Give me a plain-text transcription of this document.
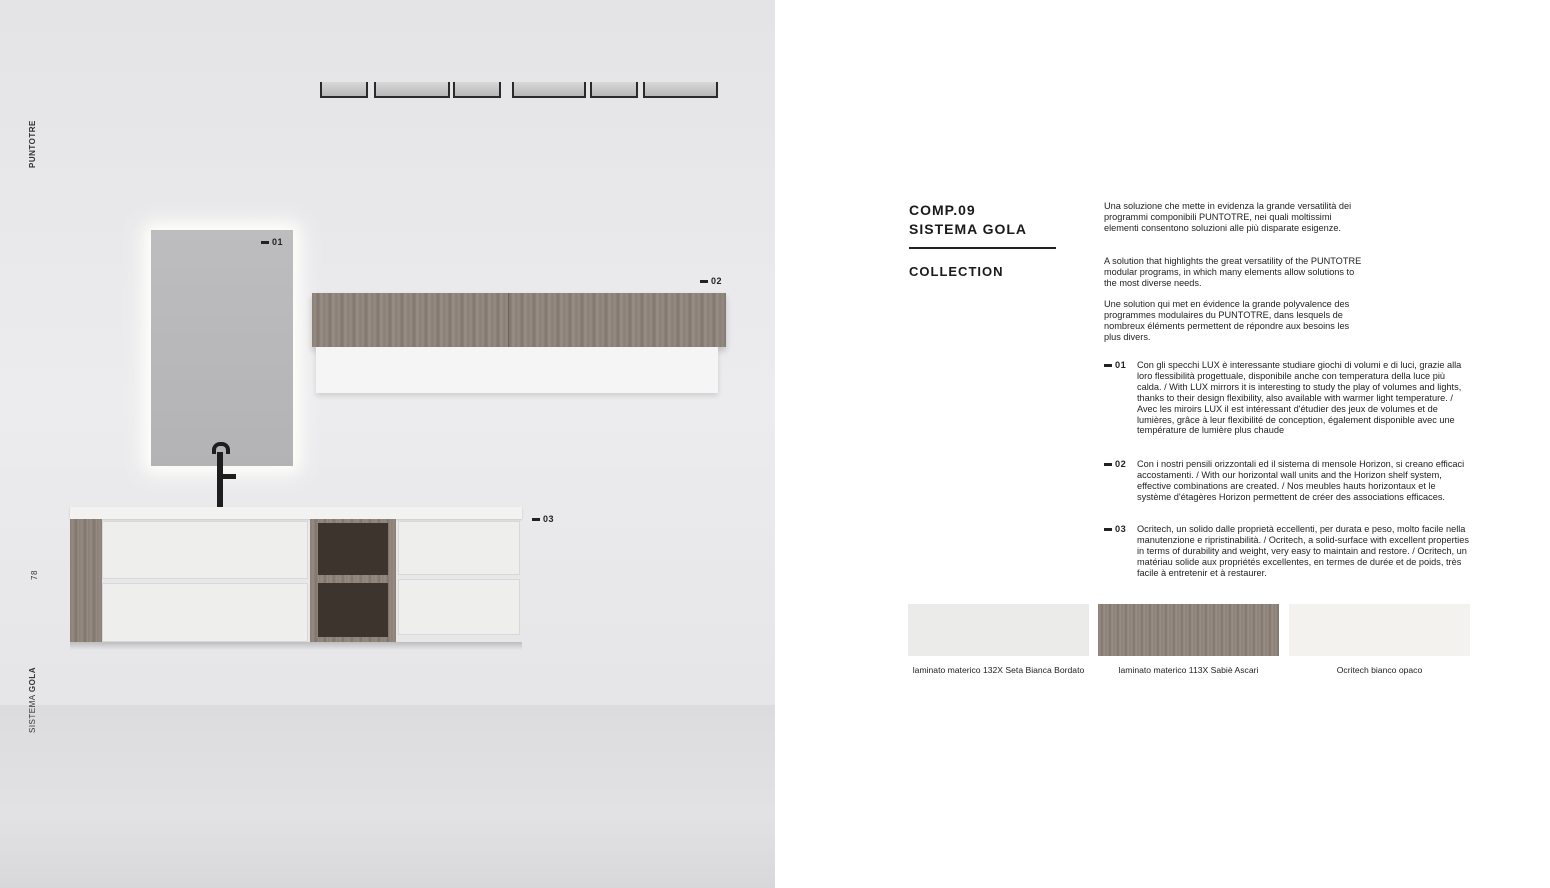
PUNTOTRE
78
SISTEMA GOLA
01
02
03
COMP.09
SISTEMA GOLA
COLLECTION

Una soluzione che mette in evidenza la grande versatilità dei programmi componibili PUNTOTRE, nei quali moltissimi elementi consentono soluzioni alle più disparate esigenze.

A solution that highlights the great versatility of the PUNTOTRE modular programs, in which many elements allow solutions to the most diverse needs.

Une solution qui met en évidence la grande polyvalence des programmes modulaires du PUNTOTRE, dans lesquels de nombreux éléments permettent de répondre aux besoins les plus divers.

01 Con gli specchi LUX è interessante studiare giochi di volumi e di luci, grazie alla loro flessibilità progettuale, disponibile anche con temperatura della luce più calda. / With LUX mirrors it is interesting to study the play of volumes and lights, thanks to their design flexibility, also available with warmer light temperature. / Avec les miroirs LUX il est intéressant d'étudier des jeux de volumes et de lumières, grâce à leur flexibilité de conception, également disponible avec une température de lumière plus chaude
02 Con i nostri pensili orizzontali ed il sistema di mensole Horizon, si creano efficaci accostamenti. / With our horizontal wall units and the Horizon shelf system, effective combinations are created. / Nos meubles hauts horizontaux et le système d'étagères Horizon permettent de créer des associations efficaces.
03 Ocritech, un solido dalle proprietà eccellenti, per durata e peso, molto facile nella manutenzione e ripristinabilità. / Ocritech, a solid-surface with excellent properties in terms of durability and weight, very easy to maintain and restore. / Ocritech, un matériau solide aux propriétés excellentes, en termes de durée et de poids, très facile à entretenir et à restaurer.
laminato materico 132X Seta Bianca Bordato	laminato materico 113X Sabiè Ascari	Ocritech bianco opaco
